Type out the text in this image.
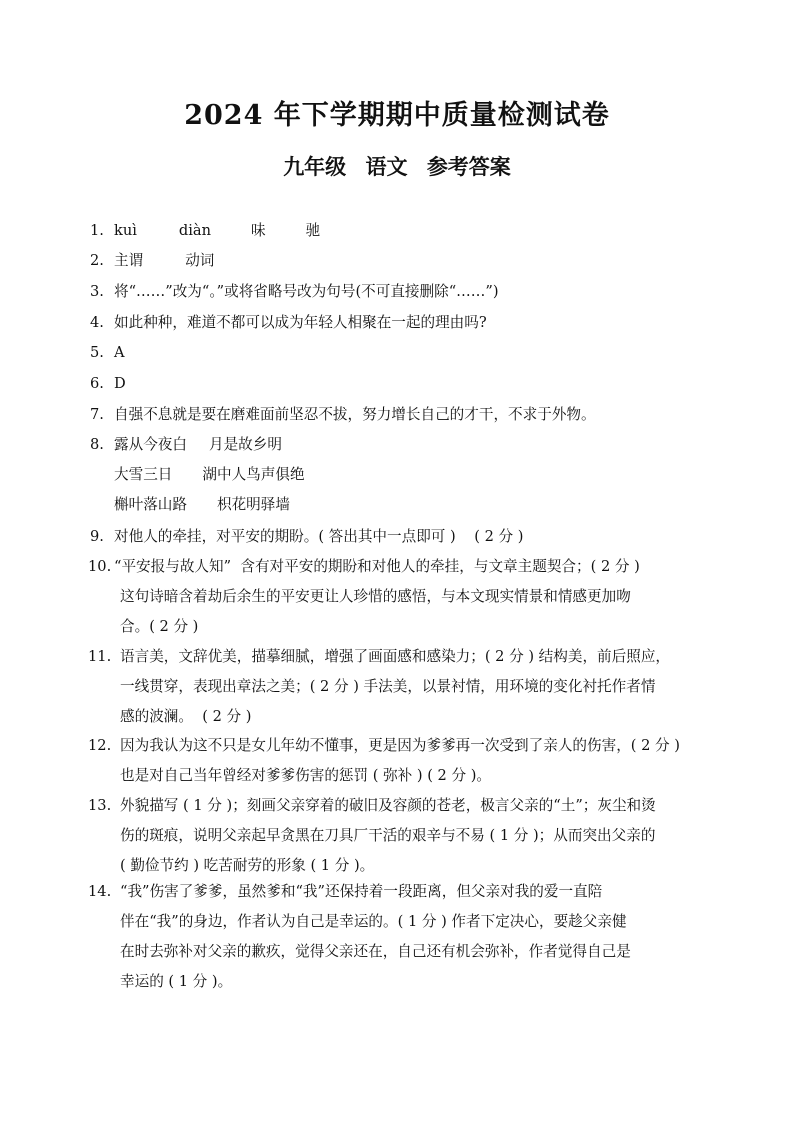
2024 年下学期期中质量检测试卷
九年级 语文 参考答案
1. kuì	diàn	味	驰
2. 主谓	动词
3. 将“……”改为“。”或将省略号改为句号(不可直接删除“……”)
4. 如此种种，难道不都可以成为年轻人相聚在一起的理由吗?
5. A
6. D
7. 自强不息就是要在磨难面前坚忍不拔，努力增长自己的才干，不求于外物。
8. 露从今夜白 月是故乡明
大雪三日 湖中人鸟声俱绝
槲叶落山路 枳花明驿墙
9. 对他人的牵挂，对平安的期盼。( 答出其中一点即可 )    ( 2 分 )
10. “平安报与故人知”  含有对平安的期盼和对他人的牵挂，与文章主题契合；( 2 分 )
这句诗暗含着劫后余生的平安更让人珍惜的感悟，与本文现实情景和情感更加吻
合。( 2 分 )
11. 语言美，文辞优美，描摹细腻，增强了画面感和感染力；( 2 分 ) 结构美，前后照应，
一线贯穿，表现出章法之美；( 2 分 ) 手法美，以景衬情，用环境的变化衬托作者情
感的波澜。  ( 2 分 )
12. 因为我认为这不只是女儿年幼不懂事，更是因为爹爹再一次受到了亲人的伤害，( 2 分 )
也是对自己当年曾经对爹爹伤害的惩罚 ( 弥补 ) ( 2 分 )。
13. 外貌描写 ( 1 分 )；刻画父亲穿着的破旧及容颜的苍老，极言父亲的“土”；灰尘和烫
伤的斑痕，说明父亲起早贪黑在刀具厂干活的艰辛与不易 ( 1 分 )；从而突出父亲的
( 勤俭节约 ) 吃苦耐劳的形象 ( 1 分 )。
14. “我”伤害了爹爹，虽然爹和“我”还保持着一段距离，但父亲对我的爱一直陪
伴在“我”的身边，作者认为自己是幸运的。( 1 分 ) 作者下定决心，要趁父亲健
在时去弥补对父亲的歉疚，觉得父亲还在，自己还有机会弥补，作者觉得自己是
幸运的 ( 1 分 )。
